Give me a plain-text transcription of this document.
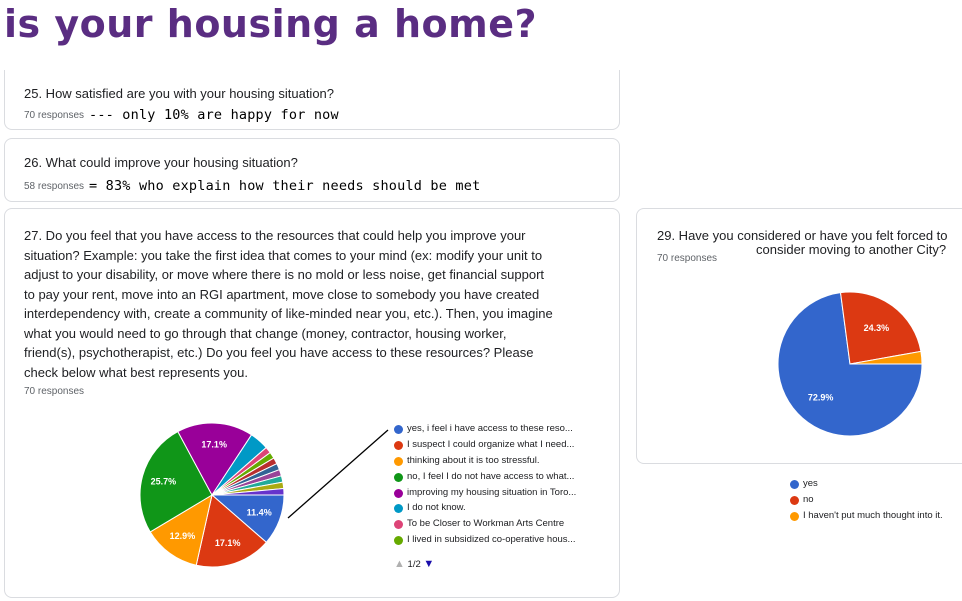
is your housing a home?
25. How satisfied are you with your housing situation?
70 responses --- only 10% are happy for now
26. What could improve your housing situation?
58 responses = 83% who explain how their needs should be met
27. Do you feel that you have access to the resources that could help you improve your
situation? Example: you take the first idea that comes to your mind (ex: modify your unit to
adjust to your disability, or move where there is no mold or less noise, get financial support
to pay your rent, move into an RGI apartment, move close to somebody you have created
interdependency with, create a community of like-minded near you, etc.). Then, you imagine
what you would need to go through that change (money, contractor, housing worker,
friend(s), psychotherapist, etc.) Do you feel you have access to these resources? Please
check below what best represents you.
70 responses
29. Have you considered or have you felt forced to
consider moving to another City?
70 responses
11.4%
17.1%
12.9%
25.7%
17.1%
yes, i feel i have access to these reso...
I suspect I could organize what I need...
thinking about it is too stressful.
no, I feel I do not have access to what...
improving my housing situation in Toro...
I do not know.
To be Closer to Workman Arts Centre
I lived in subsidized co-operative hous...
▲ 1/2 ▼
72.9%
24.3%
yes
no
I haven't put much thought into it.
